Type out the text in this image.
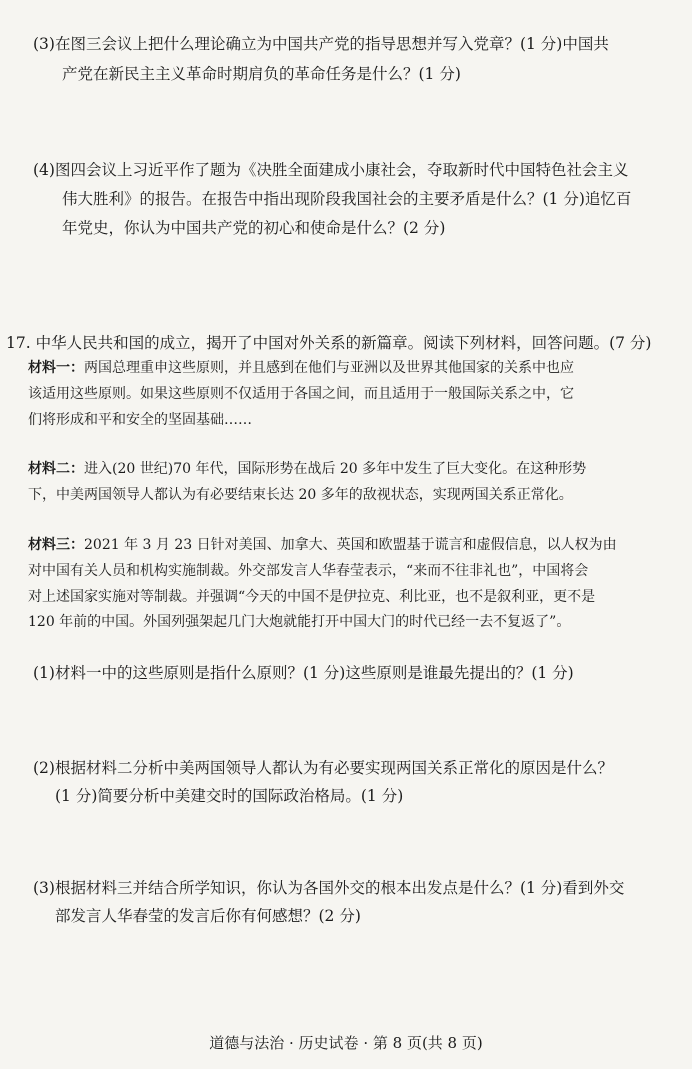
(3)在图三会议上把什么理论确立为中国共产党的指导思想并写入党章？(1 分)中国共
产党在新民主主义革命时期肩负的革命任务是什么？(1 分)
(4)图四会议上习近平作了题为《决胜全面建成小康社会，夺取新时代中国特色社会主义
伟大胜利》的报告。在报告中指出现阶段我国社会的主要矛盾是什么？(1 分)追忆百
年党史，你认为中国共产党的初心和使命是什么？(2 分)
17. 中华人民共和国的成立，揭开了中国对外关系的新篇章。阅读下列材料，回答问题。(7 分)
材料一：两国总理重申这些原则，并且感到在他们与亚洲以及世界其他国家的关系中也应
该适用这些原则。如果这些原则不仅适用于各国之间，而且适用于一般国际关系之中，它
们将形成和平和安全的坚固基础……
材料二：进入(20 世纪)70 年代，国际形势在战后 20 多年中发生了巨大变化。在这种形势
下，中美两国领导人都认为有必要结束长达 20 多年的敌视状态，实现两国关系正常化。
材料三：2021 年 3 月 23 日针对美国、加拿大、英国和欧盟基于谎言和虚假信息，以人权为由
对中国有关人员和机构实施制裁。外交部发言人华春莹表示，“来而不往非礼也”，中国将会
对上述国家实施对等制裁。并强调“今天的中国不是伊拉克、利比亚，也不是叙利亚，更不是
120 年前的中国。外国列强架起几门大炮就能打开中国大门的时代已经一去不复返了”。
(1)材料一中的这些原则是指什么原则？(1 分)这些原则是谁最先提出的？(1 分)
(2)根据材料二分析中美两国领导人都认为有必要实现两国关系正常化的原因是什么？
(1 分)简要分析中美建交时的国际政治格局。(1 分)
(3)根据材料三并结合所学知识，你认为各国外交的根本出发点是什么？(1 分)看到外交
部发言人华春莹的发言后你有何感想？(2 分)
道德与法治 · 历史试卷 · 第 8 页(共 8 页)
